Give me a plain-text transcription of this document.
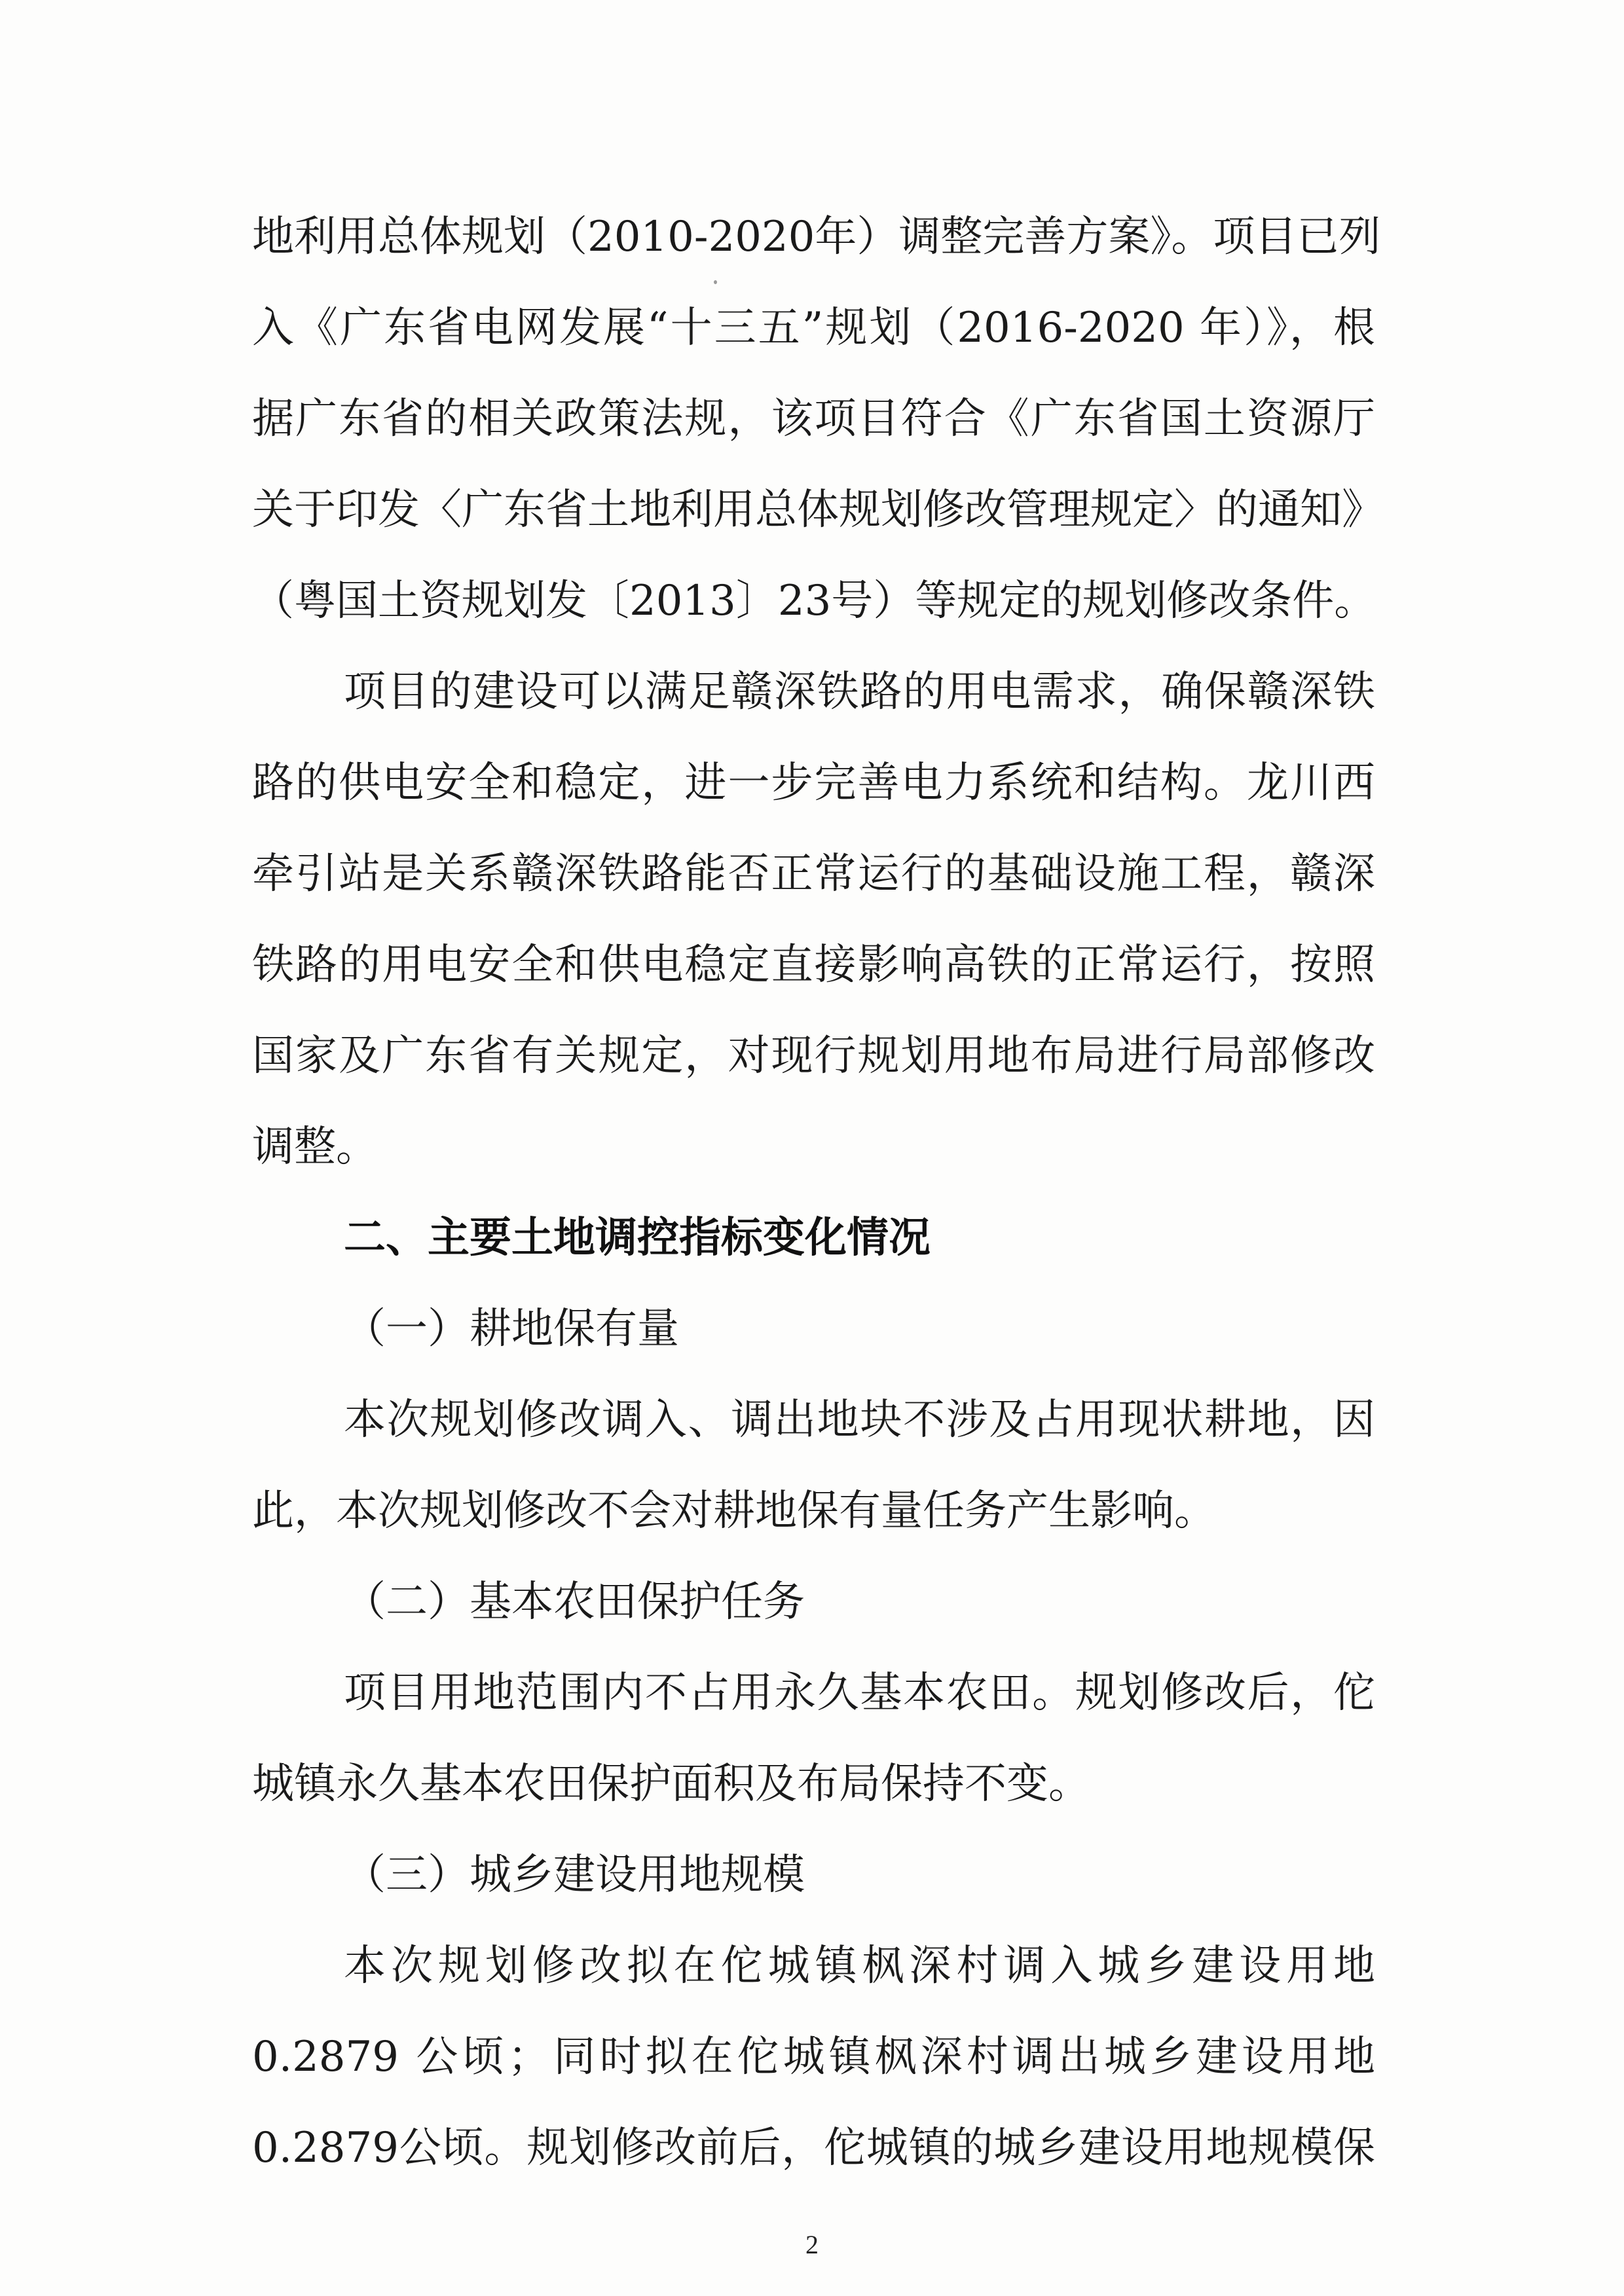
地利用总体规划（2010-2020年）调整完善方案》。项目已列
入《广东省电网发展“十三五”规划（2016-2020 年）》，根
据广东省的相关政策法规，该项目符合《广东省国土资源厅
关于印发〈广东省土地利用总体规划修改管理规定〉的通知》
（粤国土资规划发〔2013〕23号）等规定的规划修改条件。
项目的建设可以满足赣深铁路的用电需求，确保赣深铁
路的供电安全和稳定，进一步完善电力系统和结构。龙川西
牵引站是关系赣深铁路能否正常运行的基础设施工程，赣深
铁路的用电安全和供电稳定直接影响高铁的正常运行，按照
国家及广东省有关规定，对现行规划用地布局进行局部修改
调整。
二、主要土地调控指标变化情况
（一）耕地保有量
本次规划修改调入、调出地块不涉及占用现状耕地，因
此，本次规划修改不会对耕地保有量任务产生影响。
（二）基本农田保护任务
项目用地范围内不占用永久基本农田。规划修改后，佗
城镇永久基本农田保护面积及布局保持不变。
（三）城乡建设用地规模
本次规划修改拟在佗城镇枫深村调入城乡建设用地
0.2879 公顷；同时拟在佗城镇枫深村调出城乡建设用地
0.2879公顷。规划修改前后，佗城镇的城乡建设用地规模保
2
